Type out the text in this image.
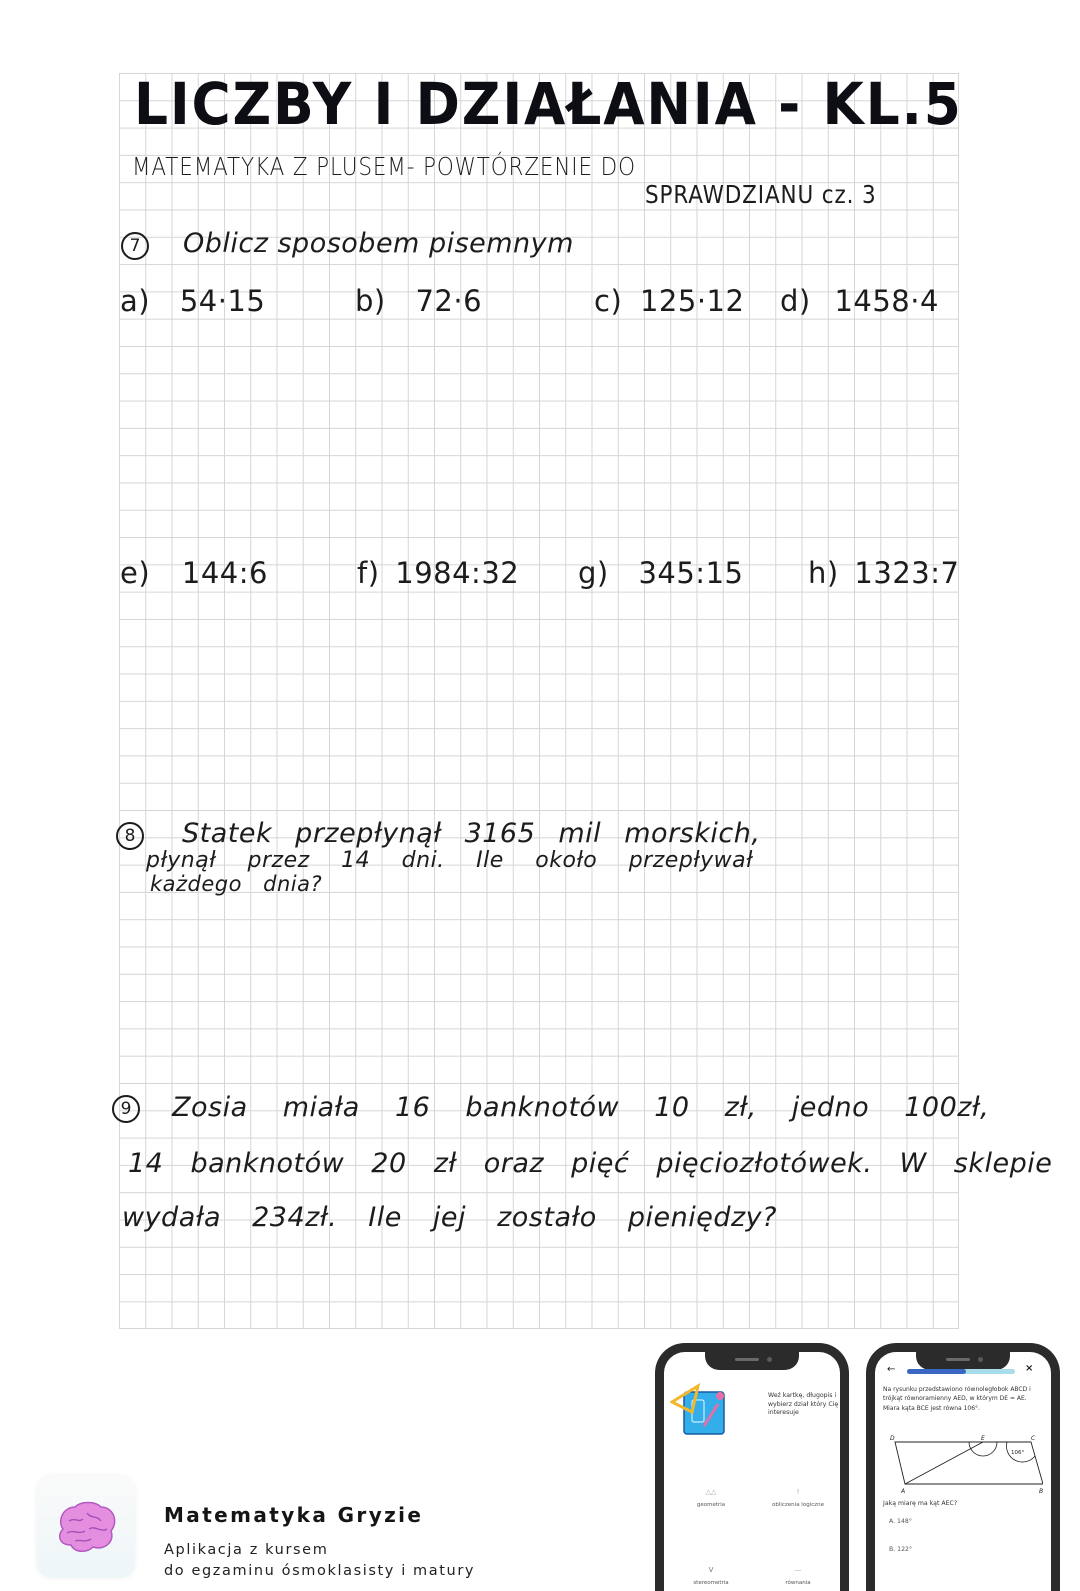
LICZBY I DZIAŁANIA - KL.5
MATEMATYKA Z PLUSEM- POWTÓRZENIE DO
SPRAWDZIANU cz. 3
7	Oblicz sposobem pisemnym
a) 54·15	b) 72·6	c) 125·12 d) 1458·4
e) 144:6	f) 1984:32 g) 345:15 h) 1323:7
8	Statek przepłynął 3165 mil morskich,
płynął przez 14 dni. Ile około przepływał
każdego dnia?
9	Zosia miała 16 banknotów 10 zł, jedno 100zł,
14 banknotów 20 zł oraz pięć pięciozłotówek. W sklepie
wydała 234zł. Ile jej zostało pieniędzy?
Matematyka Gryzie
Aplikacja z kursem
do egzaminu ósmoklasisty i matury
Weź kartkę, długopis i wybierz dział który Cię interesuje
△△	!
geometria	obliczenia logiczne
V	—
stereometria	równania
←	×
Na rysunku przedstawiono równoległobok ABCD i trójkąt równoramienny AED, w którym DE = AE. Miara kąta BCE jest równa 106°.
D	E	C
A	B
106°
Jaką miarę ma kąt AEC?
A. 148°
B. 122°
